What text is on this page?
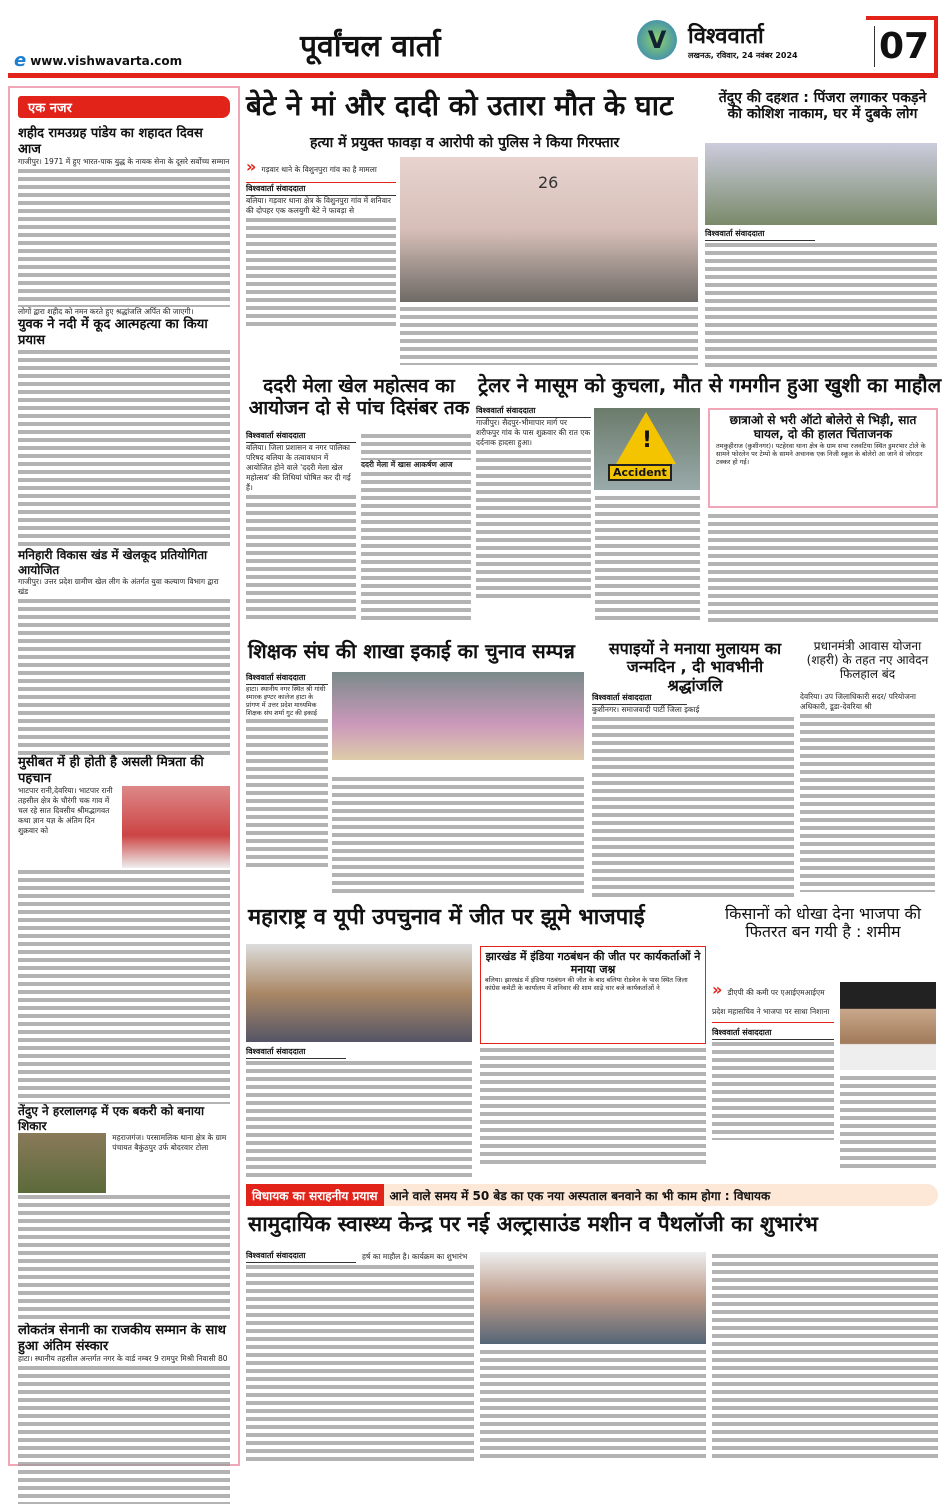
e www.vishwavarta.com	पूर्वांचल वार्ता	V विश्ववार्ता
लखनऊ, रविवार, 24 नवंबर 2024 07
एक नजर
शहीद रामउग्रह पांडेय का शहादत दिवस आज
गाजीपुर। 1971 में हुए भारत-पाक युद्ध के नायक सेना के दूसरे सर्वोच्च सम्मान
लोगों द्वारा शहीद को नमन करते हुए श्रद्धांजलि अर्पित की जाएगी।
युवक ने नदी में कूद आत्महत्या का किया प्रयास
मनिहारी विकास खंड में खेलकूद प्रतियोगिता आयोजित
गाजीपुर। उत्तर प्रदेश ग्रामीण खेल लीग के अंतर्गत युवा कल्याण विभाग द्वारा खंड
मुसीबत में ही होती है असली मित्रता की पहचान
भाटपार रानी,देवरिया। भाटपार रानी तहसील क्षेत्र के चौरंगी चक गाव में चल रहे सात दिवसीय श्रीमद्भागवत कथा ज्ञान यज्ञ के अंतिम दिन शुक्रवार को
तेंदुए ने हरलालगढ़ में एक बकरी को बनाया शिकार
महराजगंज। परसामलिक थाना क्षेत्र के ग्राम पंचायत बैकुंठपुर उर्फ बोदरवार टोला
लोकतंत्र सेनानी का राजकीय सम्मान के साथ हुआ अंतिम संस्कार
हाटा। स्थानीय तहसील अन्तर्गत नगर के वार्ड नम्बर 9 रामपुर मिश्री निवासी 80
बेटे ने मां और दादी को उतारा मौत के घाट
हत्या में प्रयुक्त फावड़ा व आरोपी को पुलिस ने किया गिरफ्तार
» गड़वार थाने के विशुनपुरा गांव का है मामला
विश्ववार्ता संवाददाता
बलिया। गड़वार थाना क्षेत्र के विशुनपुरा गांव में शनिवार की दोपहर एक कलयुगी बेटे ने फावड़ा से
26
तेंदुए की दहशत : पिंजरा लगाकर पकड़ने की कोशिश नाकाम, घर में दुबके लोग
विश्ववार्ता संवाददाता
ददरी मेला खेल महोत्सव का आयोजन दो से पांच दिसंबर तक
विश्ववार्ता संवाददाता
बलिया। जिला प्रशासन व नगर पालिका परिषद बलिया के तत्वावधान में आयोजित होने वाले 'ददरी मेला खेल महोत्सव' की तिथियां घोषित कर दी गई हैं।
ददरी मेला में खास आकर्षण आज
ट्रेलर ने मासूम को कुचला, मौत से गमगीन हुआ खुशी का माहौल
विश्ववार्ता संवाददाता
गाजीपुर। सैदपुर-भीमापार मार्ग पर शरीफपुर गांव के पास शुक्रवार की रात एक दर्दनाक हादसा हुआ।	!
Accident
छात्राओ से भरी ऑटो बोलेरो से भिड़ी, सात घायल, दो की हालत चिंताजनक
तमकुहीराज (कुशीनगर)। पटहेरवा थाना क्षेत्र के ग्राम सभा रजवटिया स्थित डुमरभार टोले के सामने फोरलेन पर टेम्पो के सामने अचानक एक निजी स्कूल के बोलेरो आ जाने से जोरदार टक्कर हो गई।
शिक्षक संघ की शाखा इकाई का चुनाव सम्पन्न
विश्ववार्ता संवाददाता
हाटा। स्थानीय नगर स्थित श्री गांधी स्मारक इण्टर कालेज हाटा के प्रांगण में उत्तर प्रदेश माध्यमिक शिक्षक संघ शर्मा गुट की इकाई
सपाइयों ने मनाया मुलायम का जन्मदिन , दी भावभीनी श्रद्धांजलि
विश्ववार्ता संवाददाता
कुशीनगर। समाजवादी पार्टी जिला इकाई
प्रधानमंत्री आवास योजना (शहरी) के तहत नए आवेदन फिलहाल बंद
देवरिया। उप जिलाधिकारी सदर/ परियोजना अधिकारी, डूडा-देवरिया श्री
महाराष्ट्र व यूपी उपचुनाव में जीत पर झूमे भाजपाई
विश्ववार्ता संवाददाता
झारखंड में इंडिया गठबंधन की जीत पर कार्यकर्ताओं ने मनाया जश्न
बलिया। झारखंड में इंडिया गठबंधन की जीत के बाद बलिया रोडवेज के पास स्थित जिला कांग्रेस कमेटी के कार्यालय में शनिवार की शाम साढ़े चार बजे कार्यकर्ताओं ने
किसानों को धोखा देना भाजपा की फितरत बन गयी है : शमीम
» डीएपी की कमी पर एआईएमआईएम प्रदेश महासचिव ने भाजपा पर साधा निशाना
विश्ववार्ता संवाददाता
विधायक का सराहनीय प्रयास	आने वाले समय में 50 बेड का एक नया अस्पताल बनवाने का भी काम होगा : विधायक
सामुदायिक स्वास्थ्य केन्द्र पर नई अल्ट्रासाउंड मशीन व पैथलॉजी का शुभारंभ
विश्ववार्ता संवाददाता	हर्ष का माहौल है। कार्यक्रम का शुभारंभ
